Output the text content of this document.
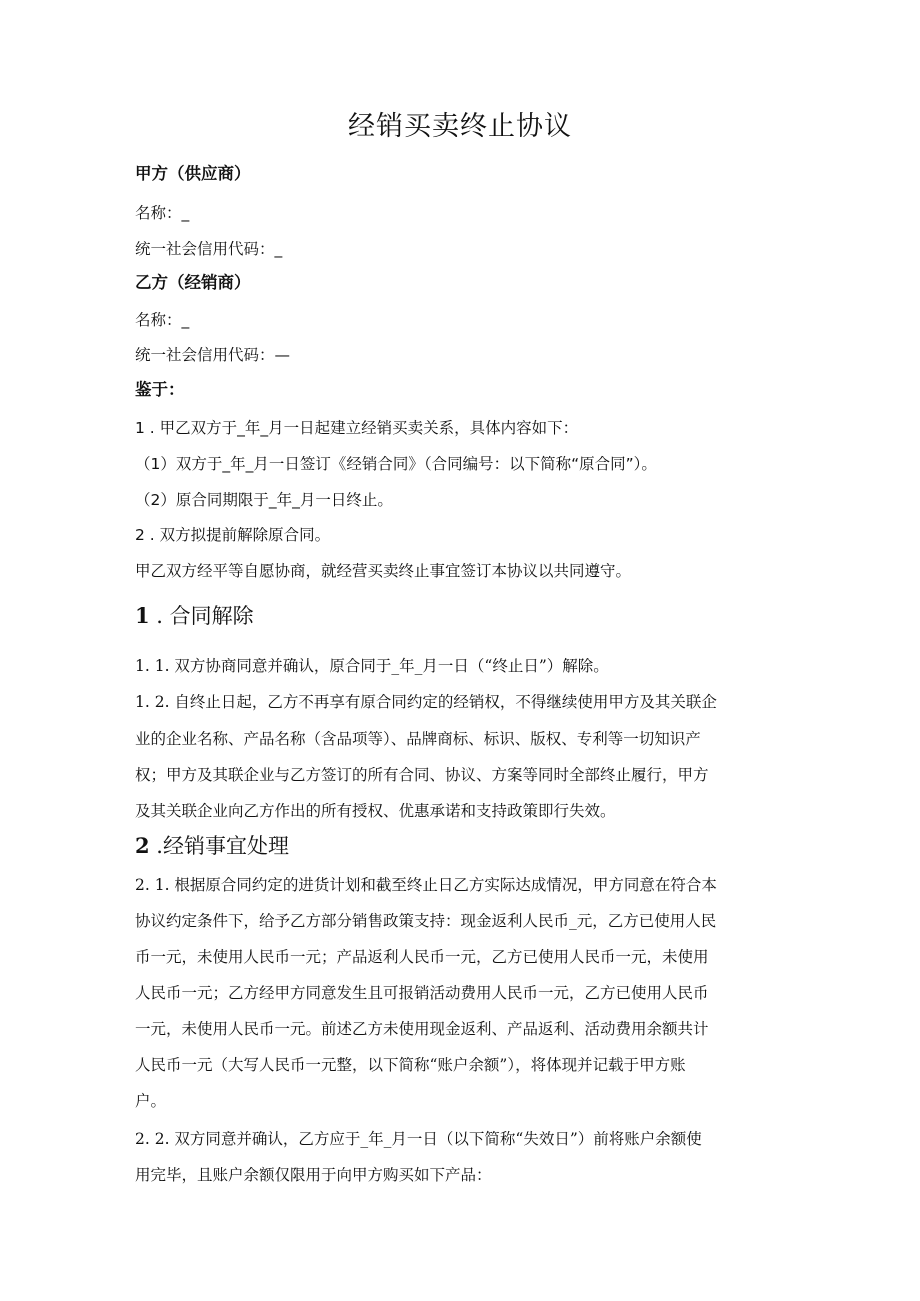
经销买卖终止协议
甲方（供应商）
名称：_
统一社会信用代码：_
乙方（经销商）
名称：_
统一社会信用代码：—
鉴于：
1 . 甲乙双方于_年_月一日起建立经销买卖关系，具体内容如下：
（1）双方于_年_月一日签订《经销合同》（合同编号：以下简称“原合同”）。
（2）原合同期限于_年_月一日终止。
2 . 双方拟提前解除原合同。
甲乙双方经平等自愿协商，就经营买卖终止事宜签订本协议以共同遵守。
1 . 合同解除
1. 1. 双方协商同意并确认，原合同于_年_月一日（“终止日”）解除。
1. 2. 自终止日起，乙方不再享有原合同约定的经销权，不得继续使用甲方及其关联企
业的企业名称、产品名称（含品项等）、品牌商标、标识、版权、专利等一切知识产
权；甲方及其联企业与乙方签订的所有合同、协议、方案等同时全部终止履行，甲方
及其关联企业向乙方作出的所有授权、优惠承诺和支持政策即行失效。
2 .经销事宜处理
2. 1. 根据原合同约定的进货计划和截至终止日乙方实际达成情况，甲方同意在符合本
协议约定条件下，给予乙方部分销售政策支持：现金返利人民币_元，乙方已使用人民
币一元，未使用人民币一元；产品返利人民币一元，乙方已使用人民币一元，未使用
人民币一元；乙方经甲方同意发生且可报销活动费用人民币一元，乙方已使用人民币
一元，未使用人民币一元。前述乙方未使用现金返利、产品返利、活动费用余额共计
人民币一元（大写人民币一元整，以下简称“账户余额”），将体现并记载于甲方账
户。
2. 2. 双方同意并确认，乙方应于_年_月一日（以下简称“失效日”）前将账户余额使
用完毕，且账户余额仅限用于向甲方购买如下产品：
